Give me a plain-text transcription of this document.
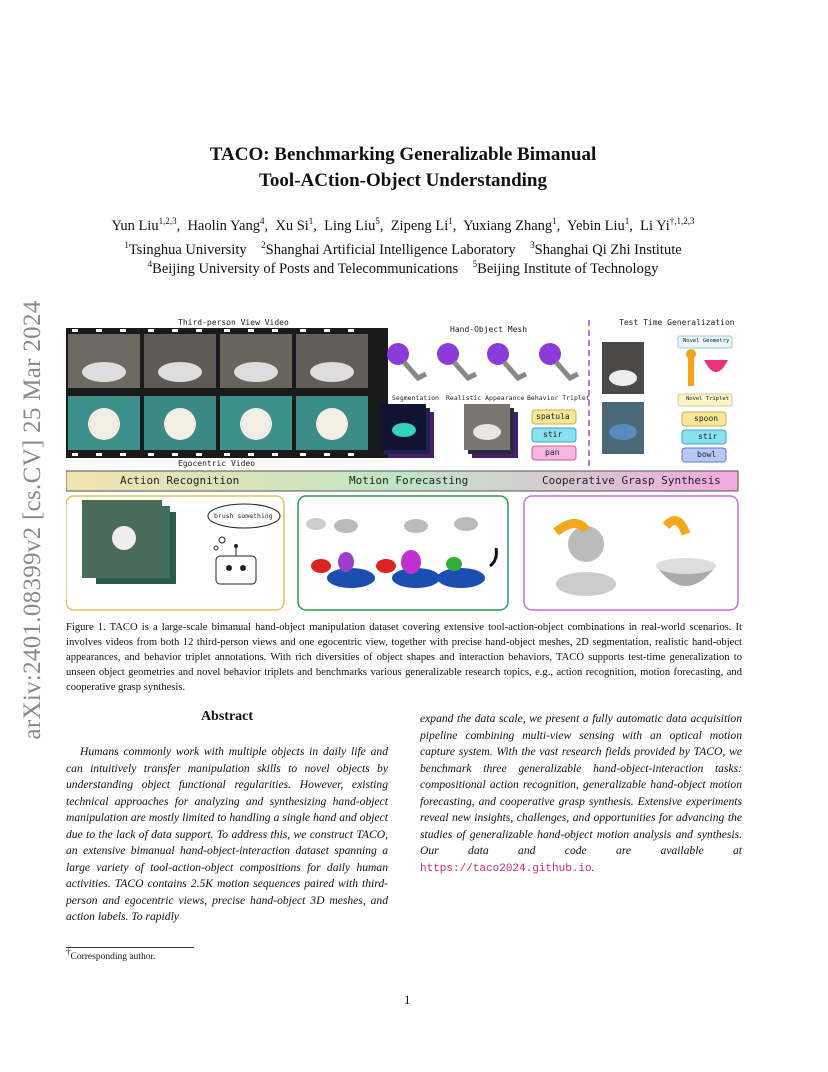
arXiv:2401.08399v2 [cs.CV] 25 Mar 2024
TACO: Benchmarking Generalizable Bimanual
Tool-ACtion-Object Understanding
Yun Liu$^{1,2,3}$,  Haolin Yang$^4$,  Xu Si$^1$,  Ling Liu$^5$,  Zipeng Li$^1$,  Yuxiang Zhang$^1$,  Yebin Liu$^1$,  Li $Yi^{\dagger,1,2,3}$
$^1$Tsinghua University $^2$Shanghai Artificial Intelligence Laboratory $^3$Shanghai Qi Zhi Institute
$^4$Beijing University of Posts and Telecommunications $^5$Beijing Institute of Technology
Third-person View Video
Egocentric Video
Hand-Object Mesh
Segmentation Realistic Appearance Behavior Triplet
Test Time Generalization
Novel Geometry
Novel Triplet
spatula
stir
pan
spoon
stir
bowl
Action Recognition	Motion Forecasting	Cooperative Grasp Synthesis
brush something
Figure 1. TACO is a large-scale bimanual hand-object manipulation dataset covering extensive tool-action-object combinations in real-world scenarios. It involves videos from both 12 third-person views and one egocentric view, together with precise hand-object meshes, 2D segmentation, realistic hand-object appearances, and behavior triplet annotations. With rich diversities of object shapes and interaction behaviors, TACO supports test-time generalization to unseen object geometries and novel behavior triplets and benchmarks various generalizable research topics, e.g., action recognition, motion forecasting, and cooperative grasp synthesis.
Abstract

Humans commonly work with multiple objects in daily life and can intuitively transfer manipulation skills to novel objects by understanding object functional regularities. However, existing technical approaches for analyzing and synthesizing hand-object manipulation are mostly limited to handling a single hand and object due to the lack of data support. To address this, we construct TACO, an extensive bimanual hand-object-interaction dataset spanning a large variety of tool-action-object compositions for daily human activities. TACO contains 2.5K motion sequences paired with third-person and egocentric views, precise hand-object 3D meshes, and action labels. To rapidly

expand the data scale, we present a fully automatic data acquisition pipeline combining multi-view sensing with an optical motion capture system. With the vast research fields provided by TACO, we benchmark three generalizable hand-object-interaction tasks: compositional action recognition, generalizable hand-object motion forecasting, and cooperative grasp synthesis. Extensive experiments reveal new insights, challenges, and opportunities for advancing the studies of generalizable hand-object motion analysis and synthesis. Our data and code are available at https://taco2024.github.io.
†Corresponding author.
1
